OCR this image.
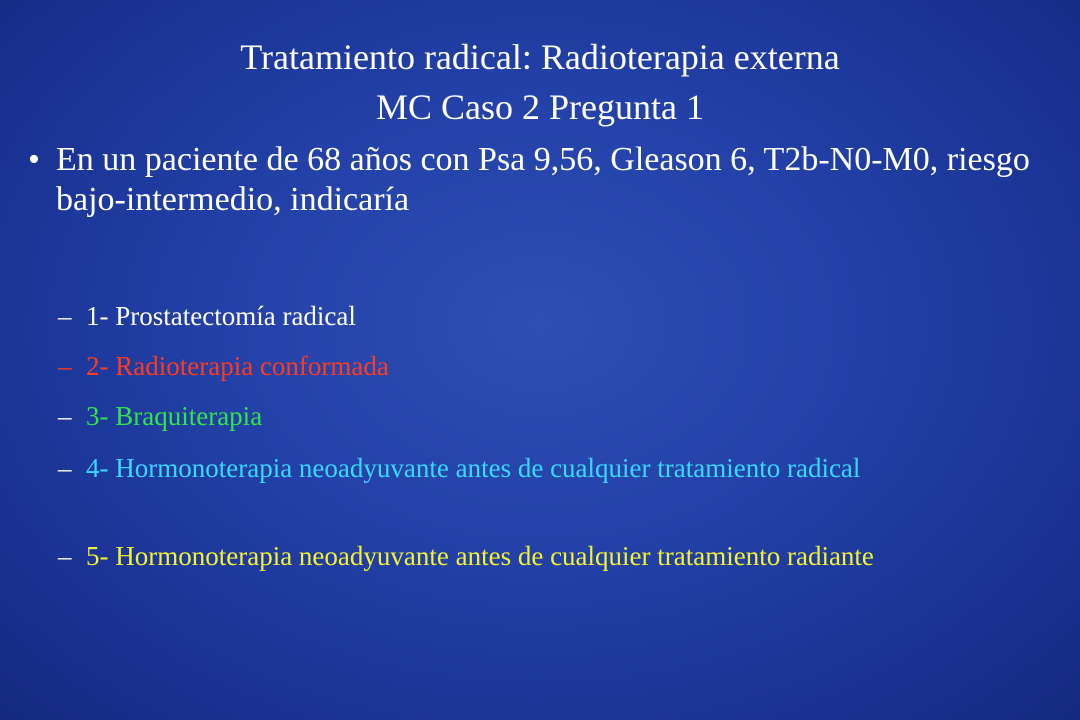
Tratamiento radical: Radioterapia externa
MC Caso 2 Pregunta 1
• En un paciente de 68 años con Psa 9,56, Gleason 6, T2b-N0-M0, riesgo bajo-intermedio, indicaría
– 1- Prostatectomía radical
– 2- Radioterapia conformada
– 3- Braquiterapia
– 4- Hormonoterapia neoadyuvante antes de cualquier tratamiento radical
– 5- Hormonoterapia neoadyuvante antes de cualquier tratamiento radiante
